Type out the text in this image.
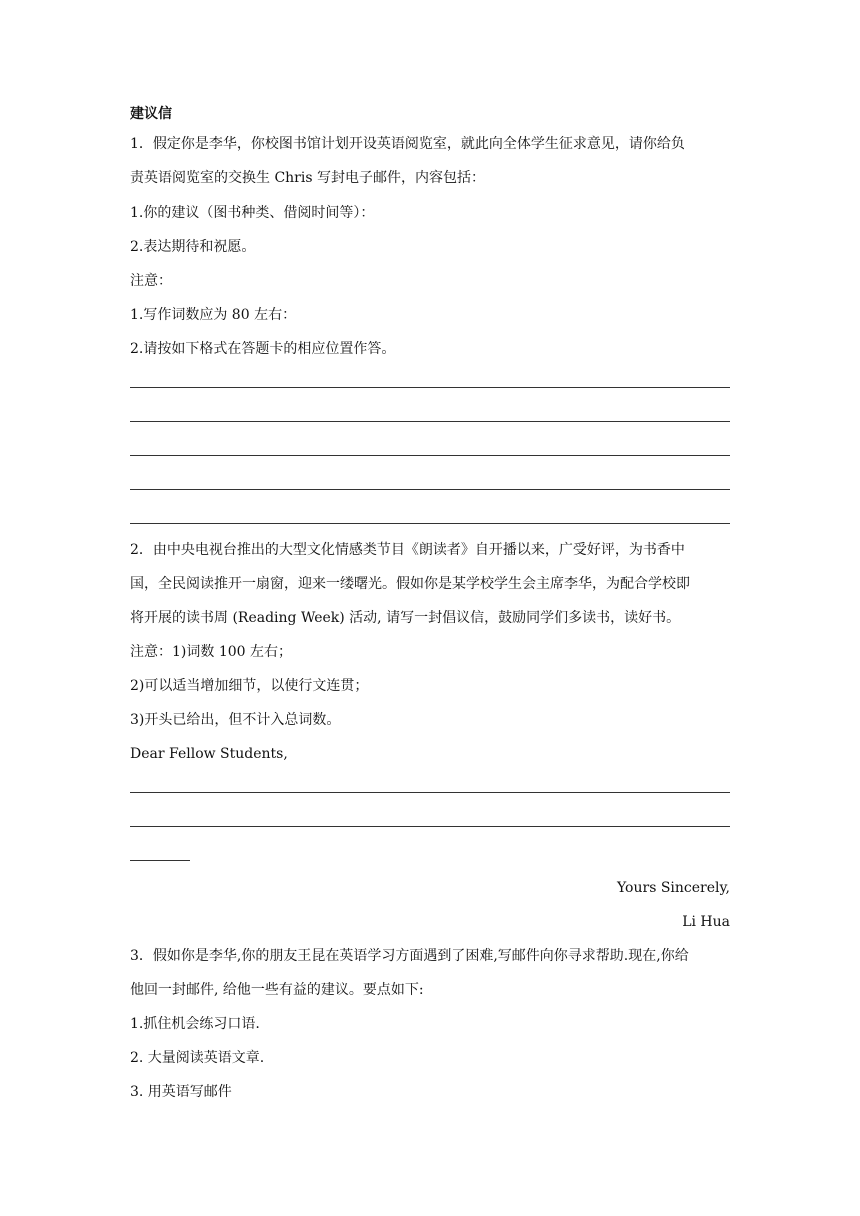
建议信
1．假定你是李华，你校图书馆计划开设英语阅览室，就此向全体学生征求意见，请你给负
责英语阅览室的交换生 Chris 写封电子邮件，内容包括：
1.你的建议（图书种类、借阅时间等）：
2.表达期待和祝愿。
注意：
1.写作词数应为 80 左右：
2.请按如下格式在答题卡的相应位置作答。
2．由中央电视台推出的大型文化情感类节目《朗读者》自开播以来，广受好评，为书香中
国，全民阅读推开一扇窗，迎来一缕曙光。假如你是某学校学生会主席李华，为配合学校即
将开展的读书周 (Reading Week) 活动, 请写一封倡议信，鼓励同学们多读书，读好书。
注意：1)词数 100 左右；
2)可以适当增加细节，以使行文连贯；
3)开头已给出，但不计入总词数。
Dear Fellow Students,
Yours Sincerely,
Li Hua
3．假如你是李华,你的朋友王昆在英语学习方面遇到了困难,写邮件向你寻求帮助.现在,你给
他回一封邮件, 给他一些有益的建议。要点如下:
1.抓住机会练习口语.
2. 大量阅读英语文章.
3. 用英语写邮件
